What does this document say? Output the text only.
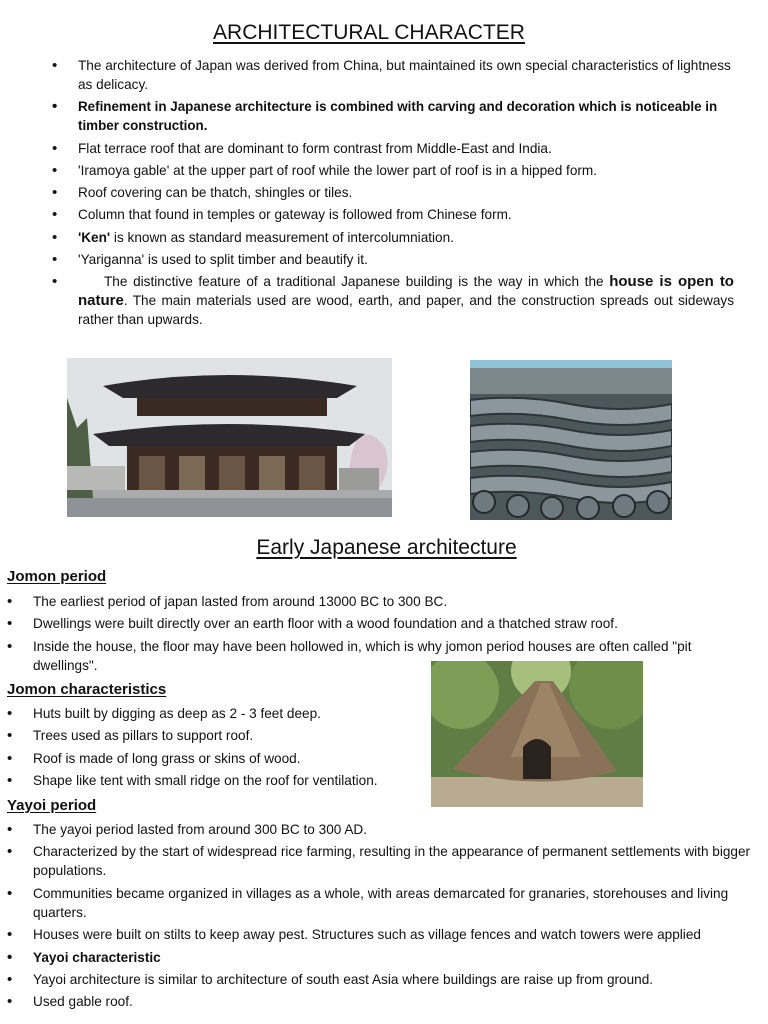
ARCHITECTURAL CHARACTER
• The architecture of Japan was derived from China, but maintained its own special characteristics of lightness as delicacy.
• Refinement in Japanese architecture is combined with carving and decoration which is noticeable in timber construction.
• Flat terrace roof that are dominant to form contrast from Middle-East and India.
• 'Iramoya gable' at the upper part of roof while the lower part of roof is in a hipped form.
• Roof covering can be thatch, shingles or tiles.
• Column that found in temples or gateway is followed from Chinese form.
• 'Ken' is known as standard measurement of intercolumniation.
• 'Yariganna' is used to split timber and beautify it.
• The distinctive feature of a traditional Japanese building is the way in which the house is open to nature. The main materials used are wood, earth, and paper, and the construction spreads out sideways rather than upwards.
Early Japanese architecture
Jomon period
• The earliest period of japan lasted from around 13000 BC to 300 BC.
• Dwellings were built directly over an earth floor with a wood foundation and a thatched straw roof.
• Inside the house, the floor may have been hollowed in, which is why jomon period houses are often called "pit dwellings".
Jomon characteristics
• Huts built by digging as deep as 2 - 3 feet deep.
• Trees used as pillars to support roof.
• Roof is made of long grass or skins of wood.
• Shape like tent with small ridge on the roof for ventilation.
Yayoi period
• The yayoi period lasted from around 300 BC to 300 AD.
• Characterized by the start of widespread rice farming, resulting in the appearance of permanent settlements with bigger populations.
• Communities became organized in villages as a whole, with areas demarcated for granaries, storehouses and living quarters.
• Houses were built on stilts to keep away pest. Structures such as village fences and watch towers were applied
• Yayoi characteristic
• Yayoi architecture is similar to architecture of south east Asia where buildings are raise up from ground.
• Used gable roof.
